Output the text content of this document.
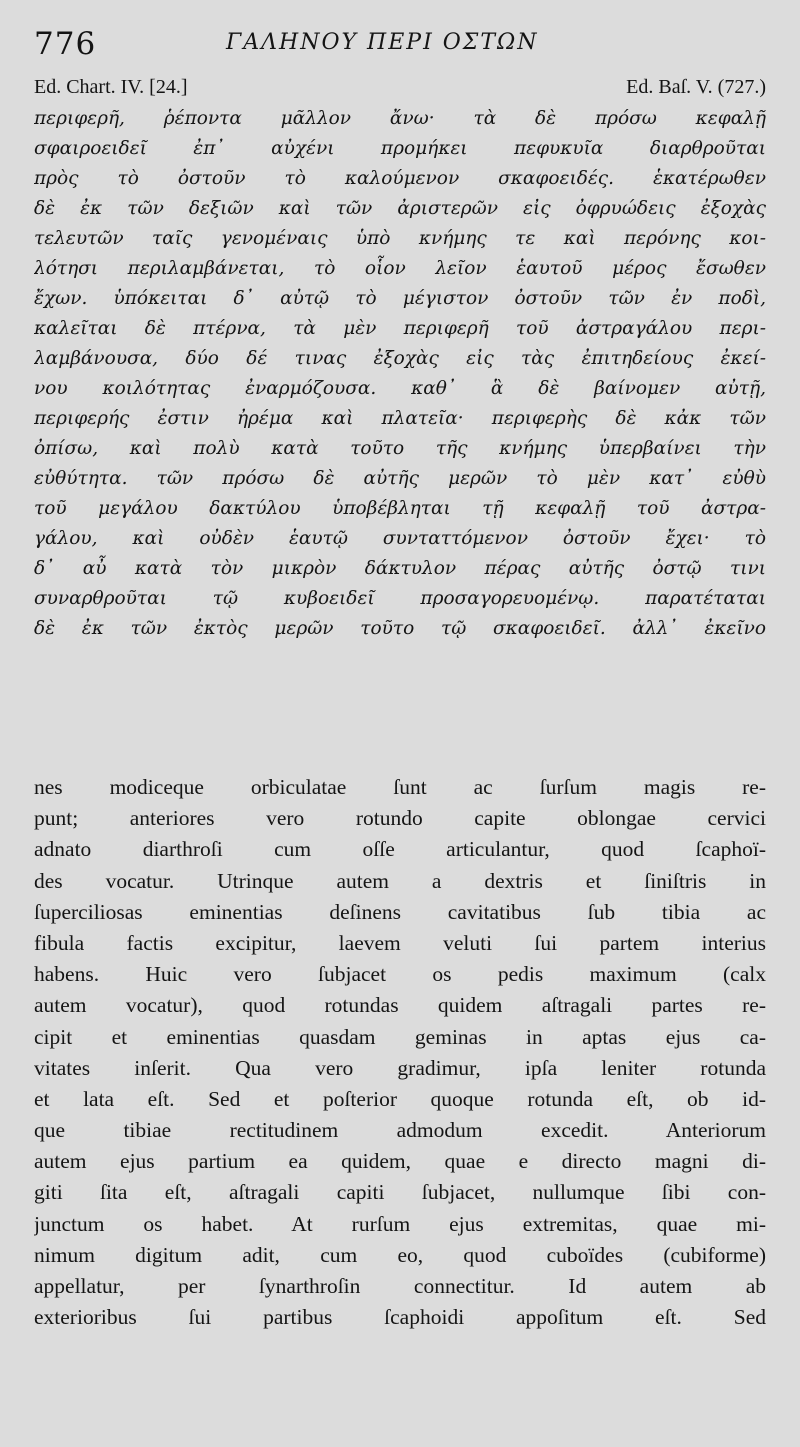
776	ΓΑΛΗΝΟΥ ΠΕΡΙ ΟΣΤΩΝ
Ed. Chart. IV. [24.]	Ed. Baſ. V. (727.)
περιφερῆ, ῥέποντα μᾶλλον ἄνω· τὰ δὲ πρόσω κεφαλῇ
σφαιροειδεῖ ἐπ᾽ αὐχένι προμήκει πεφυκυῖα διαρθροῦται
πρὸς τὸ ὀστοῦν τὸ καλούμενον σκαφοειδές. ἑκατέρωθεν
δὲ ἐκ τῶν δεξιῶν καὶ τῶν ἀριστερῶν εἰς ὀφρυώδεις ἐξοχὰς
τελευτῶν ταῖς γενομέναις ὑπὸ κνήμης τε καὶ περόνης κοι-
λότησι περιλαμβάνεται, τὸ οἷον λεῖον ἑαυτοῦ μέρος ἔσωθεν
ἔχων. ὑπόκειται δ᾽ αὐτῷ τὸ μέγιστον ὀστοῦν τῶν ἐν ποδὶ,
καλεῖται δὲ πτέρνα, τὰ μὲν περιφερῆ τοῦ ἀστραγάλου περι-
λαμβάνουσα, δύο δέ τινας ἐξοχὰς εἰς τὰς ἐπιτηδείους ἐκεί-
νου κοιλότητας ἐναρμόζουσα. καθ᾽ ἃ δὲ βαίνομεν αὐτῇ,
περιφερής ἐστιν ἠρέμα καὶ πλατεῖα· περιφερὴς δὲ κἀκ τῶν
ὀπίσω, καὶ πολὺ κατὰ τοῦτο τῆς κνήμης ὑπερβαίνει τὴν
εὐθύτητα. τῶν πρόσω δὲ αὐτῆς μερῶν τὸ μὲν κατ᾽ εὐθὺ
τοῦ μεγάλου δακτύλου ὑποβέβληται τῇ κεφαλῇ τοῦ ἀστρα-
γάλου, καὶ οὐδὲν ἑαυτῷ συνταττόμενον ὀστοῦν ἔχει· τὸ
δ᾽ αὖ κατὰ τὸν μικρὸν δάκτυλον πέρας αὐτῆς ὀστῷ τινι
συναρθροῦται τῷ κυβοειδεῖ προσαγορευομένῳ. παρατέταται
δὲ ἐκ τῶν ἐκτὸς μερῶν τοῦτο τῷ σκαφοειδεῖ. ἀλλ᾽ ἐκεῖνο
nes modiceque orbiculatae ſunt ac ſurſum magis re-
punt; anteriores vero rotundo capite oblongae cervici
adnato diarthroſi cum oſſe articulantur, quod ſcaphoï-
des vocatur. Utrinque autem a dextris et ſiniſtris in
ſuperciliosas eminentias deſinens cavitatibus ſub tibia ac
fibula factis excipitur, laevem veluti ſui partem interius
habens. Huic vero ſubjacet os pedis maximum (calx
autem vocatur), quod rotundas quidem aſtragali partes re-
cipit et eminentias quasdam geminas in aptas ejus ca-
vitates inſerit. Qua vero gradimur, ipſa leniter rotunda
et lata eſt. Sed et poſterior quoque rotunda eſt, ob id-
que tibiae rectitudinem admodum excedit. Anteriorum
autem ejus partium ea quidem, quae e directo magni di-
giti ſita eſt, aſtragali capiti ſubjacet, nullumque ſibi con-
junctum os habet. At rurſum ejus extremitas, quae mi-
nimum digitum adit, cum eo, quod cuboïdes (cubiforme)
appellatur, per ſynarthroſin connectitur. Id autem ab
exterioribus ſui partibus ſcaphoidi appoſitum eſt. Sed
